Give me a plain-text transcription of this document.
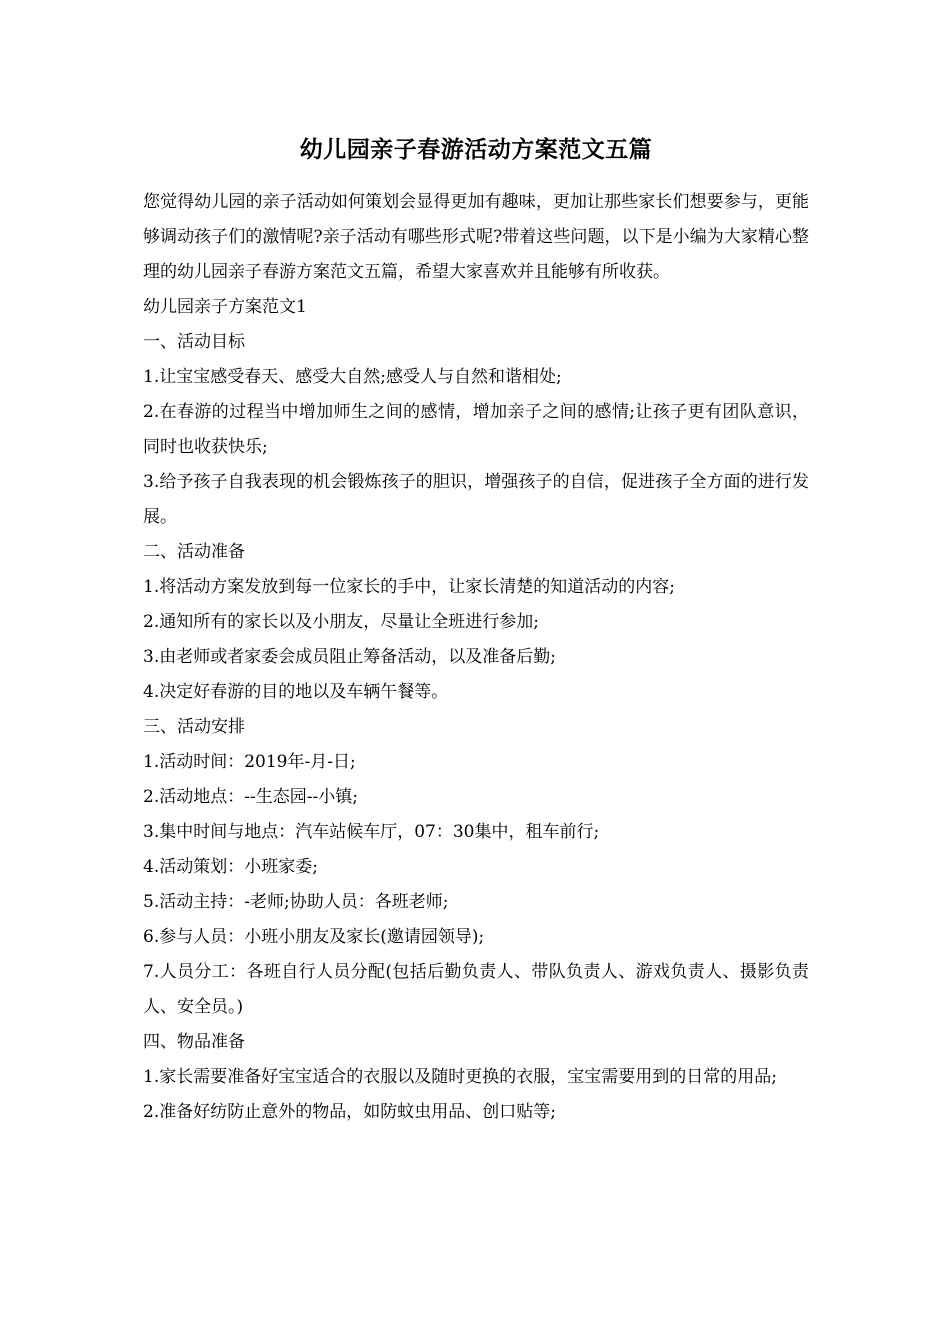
幼儿园亲子春游活动方案范文五篇

您觉得幼儿园的亲子活动如何策划会显得更加有趣味，更加让那些家长们想要参与，更能够调动孩子们的激情呢?亲子活动有哪些形式呢?带着这些问题，以下是小编为大家精心整理的幼儿园亲子春游方案范文五篇，希望大家喜欢并且能够有所收获。

幼儿园亲子方案范文1

一、活动目标

1.让宝宝感受春天、感受大自然;感受人与自然和谐相处;

2.在春游的过程当中增加师生之间的感情，增加亲子之间的感情;让孩子更有团队意识，同时也收获快乐;

3.给予孩子自我表现的机会锻炼孩子的胆识，增强孩子的自信，促进孩子全方面的进行发展。

二、活动准备

1.将活动方案发放到每一位家长的手中，让家长清楚的知道活动的内容;

2.通知所有的家长以及小朋友，尽量让全班进行参加;

3.由老师或者家委会成员阻止筹备活动，以及准备后勤;

4.决定好春游的目的地以及车辆午餐等。

三、活动安排

1.活动时间：2019年-月-日;

2.活动地点：--生态园--小镇;

3.集中时间与地点：汽车站候车厅，07：30集中，租车前行;

4.活动策划：小班家委;

5.活动主持：-老师;协助人员：各班老师;

6.参与人员：小班小朋友及家长(邀请园领导);

7.人员分工：各班自行人员分配(包括后勤负责人、带队负责人、游戏负责人、摄影负责人、安全员。)

四、物品准备

1.家长需要准备好宝宝适合的衣服以及随时更换的衣服，宝宝需要用到的日常的用品;

2.准备好纺防止意外的物品，如防蚊虫用品、创口贴等;
